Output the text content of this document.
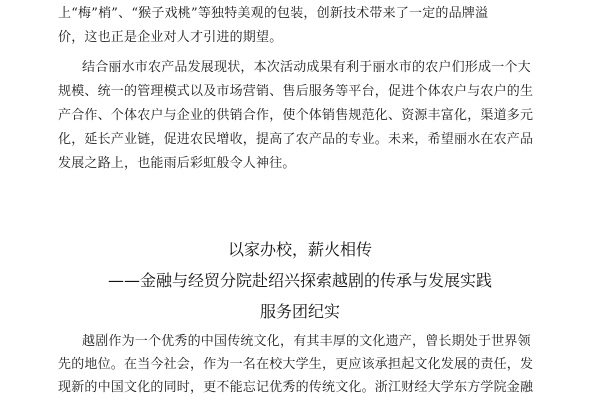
上“梅”梢”、“猴子戏桃”等独特美观的包装，创新技术带来了一定的品牌溢
价，这也正是企业对人才引进的期望。
结合丽水市农产品发展现状，本次活动成果有利于丽水市的农户们形成一个大
规模、统一的管理模式以及市场营销、售后服务等平台，促进个体农户与农户的生
产合作、个体农户与企业的供销合作，使个体销售规范化、资源丰富化，渠道多元
化，延长产业链，促进农民增收，提高了农产品的专业。未来，希望丽水在农产品
发展之路上，也能雨后彩虹般令人神往。
以家办校，薪火相传
——金融与经贸分院赴绍兴探索越剧的传承与发展实践
服务团纪实
越剧作为一个优秀的中国传统文化，有其丰厚的文化遗产，曾长期处于世界领
先的地位。在当今社会，作为一名在校大学生，更应该承担起文化发展的责任，发
现新的中国文化的同时，更不能忘记优秀的传统文化。浙江财经大学东方学院金融
